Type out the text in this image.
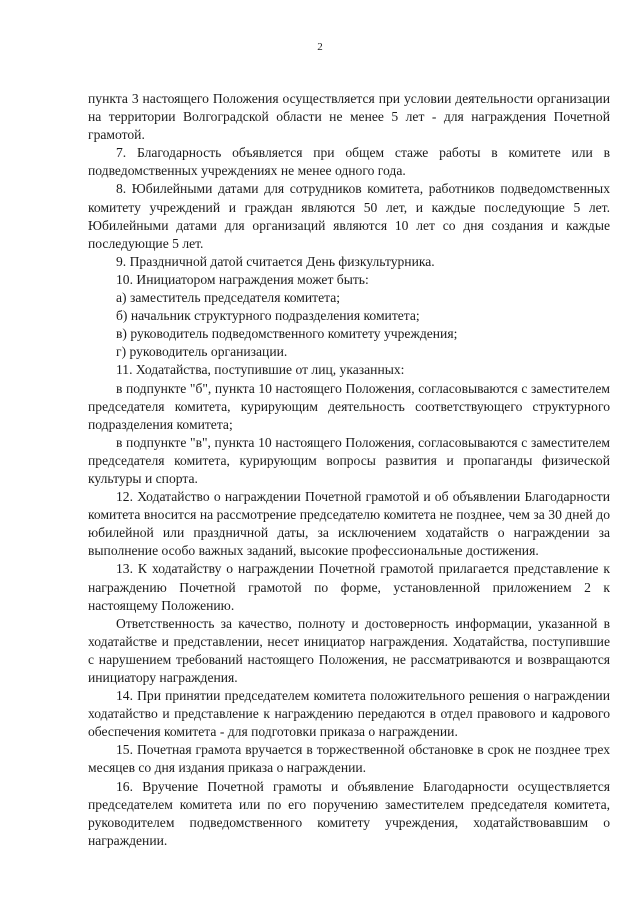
2

пункта 3 настоящего Положения осуществляется при условии деятельности организации на территории Волгоградской области не менее 5 лет - для награждения Почетной грамотой.

7. Благодарность объявляется при общем стаже работы в комитете или в подведомственных учреждениях не менее одного года.

8. Юбилейными датами для сотрудников комитета, работников подведомственных комитету учреждений и граждан являются 50 лет, и каждые последующие 5 лет. Юбилейными датами для организаций являются 10 лет со дня создания и каждые последующие 5 лет.

9. Праздничной датой считается День физкультурника.

10. Инициатором награждения может быть:

а) заместитель председателя комитета;

б) начальник структурного подразделения комитета;

в) руководитель подведомственного комитету учреждения;

г) руководитель организации.

11. Ходатайства, поступившие от лиц, указанных:

в подпункте "б", пункта 10 настоящего Положения, согласовываются с заместителем председателя комитета, курирующим деятельность соответствующего структурного подразделения комитета;

в подпункте "в", пункта 10 настоящего Положения, согласовываются с заместителем председателя комитета, курирующим вопросы развития и пропаганды физической культуры и спорта.

12. Ходатайство о награждении Почетной грамотой и об объявлении Благодарности комитета вносится на рассмотрение председателю комитета не позднее, чем за 30 дней до юбилейной или праздничной даты, за исключением ходатайств о награждении за выполнение особо важных заданий, высокие профессиональные достижения.

13. К ходатайству о награждении Почетной грамотой прилагается представление к награждению Почетной грамотой по форме, установленной приложением 2 к настоящему Положению.

Ответственность за качество, полноту и достоверность информации, указанной в ходатайстве и представлении, несет инициатор награждения. Ходатайства, поступившие с нарушением требований настоящего Положения, не рассматриваются и возвращаются инициатору награждения.

14. При принятии председателем комитета положительного решения о награждении ходатайство и представление к награждению передаются в отдел правового и кадрового обеспечения комитета - для подготовки приказа о награждении.

15. Почетная грамота вручается в торжественной обстановке в срок не позднее трех месяцев со дня издания приказа о награждении.

16. Вручение Почетной грамоты и объявление Благодарности осуществляется председателем комитета или по его поручению заместителем председателя комитета, руководителем подведомственного комитету учреждения, ходатайствовавшим о награждении.
